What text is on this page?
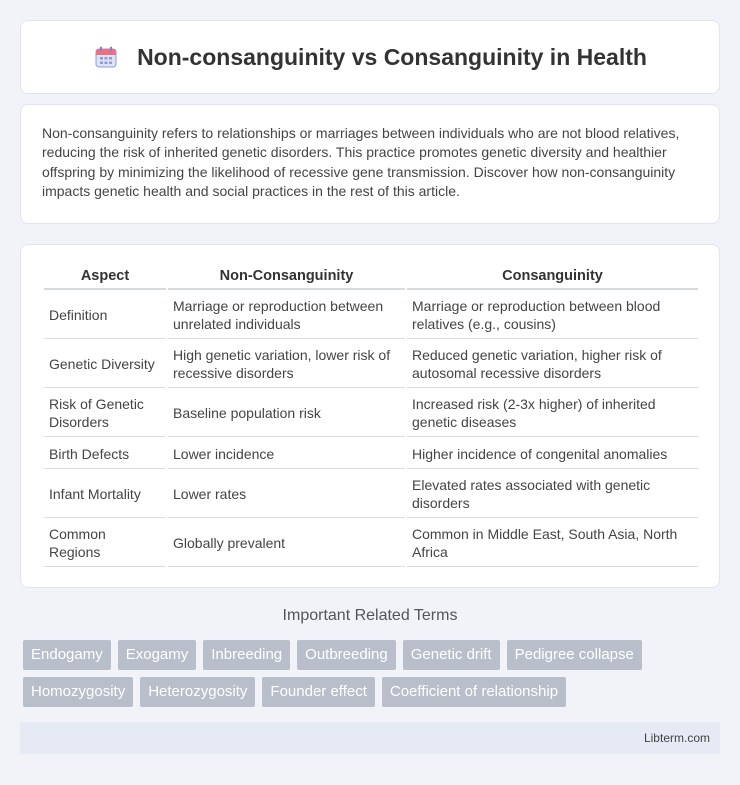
Non-consanguinity vs Consanguinity in Health

Non-consanguinity refers to relationships or marriages between individuals who are not blood relatives, reducing the risk of inherited genetic disorders. This practice promotes genetic diversity and healthier offspring by minimizing the likelihood of recessive gene transmission. Discover how non-consanguinity impacts genetic health and social practices in the rest of this article.

Aspect	Non-Consanguinity	Consanguinity
Definition	Marriage or reproduction between unrelated individuals	Marriage or reproduction between blood relatives (e.g., cousins)
Genetic Diversity	High genetic variation, lower risk of recessive disorders	Reduced genetic variation, higher risk of autosomal recessive disorders
Risk of Genetic Disorders	Baseline population risk	Increased risk (2-3x higher) of inherited genetic diseases
Birth Defects	Lower incidence	Higher incidence of congenital anomalies
Infant Mortality	Lower rates	Elevated rates associated with genetic disorders
Common Regions	Globally prevalent	Common in Middle East, South Asia, North Africa
Important Related Terms
Endogamy	Exogamy	Inbreeding	Outbreeding	Genetic drift	Pedigree collapse
Homozygosity	Heterozygosity	Founder effect	Coefficient of relationship
Libterm.com
